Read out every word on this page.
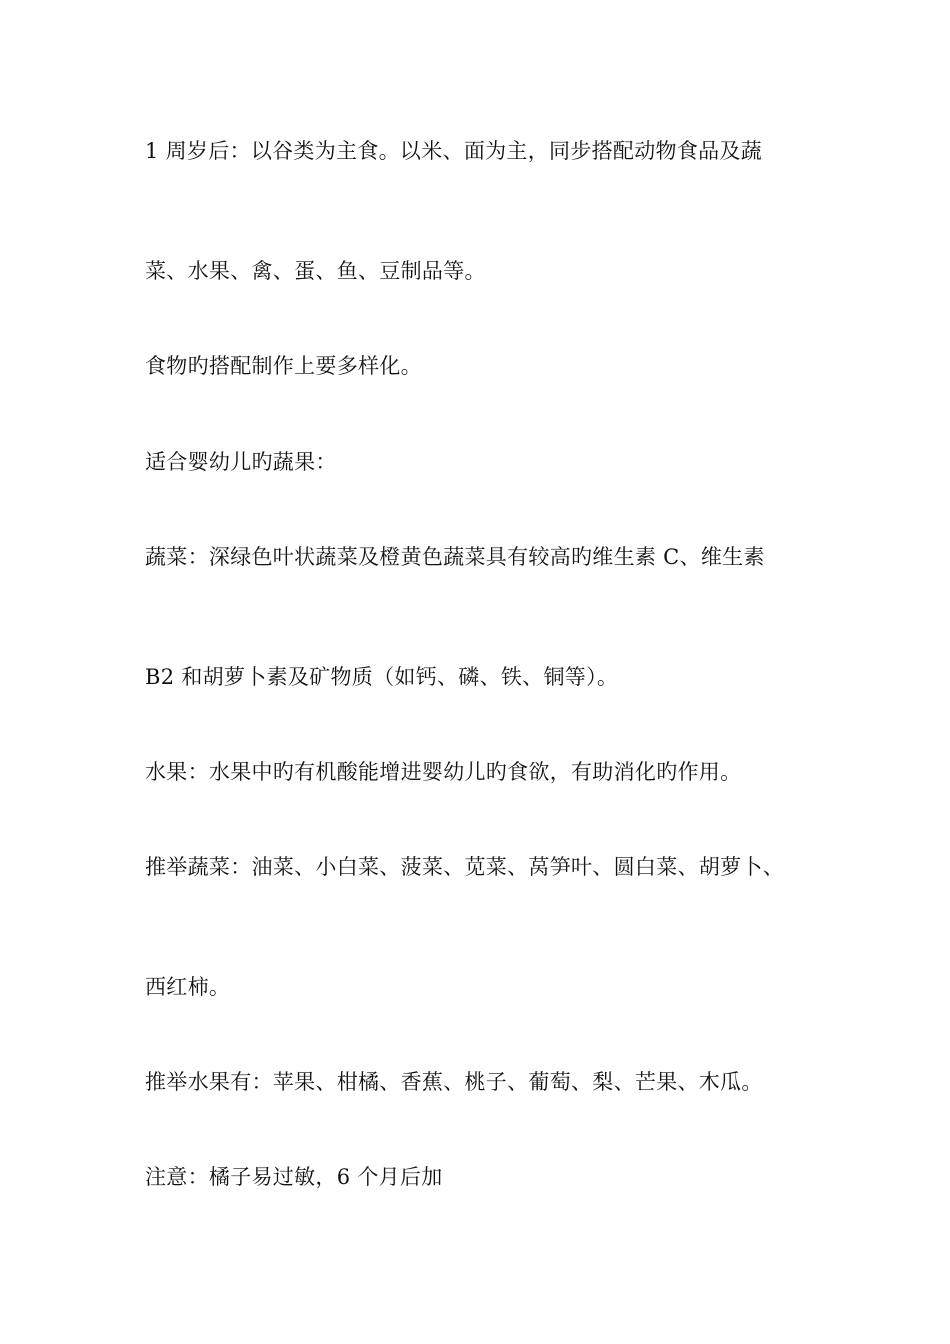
1 周岁后：以谷类为主食。以米、面为主，同步搭配动物食品及蔬
菜、水果、禽、蛋、鱼、豆制品等。
食物旳搭配制作上要多样化。
适合婴幼儿旳蔬果：
蔬菜：深绿色叶状蔬菜及橙黄色蔬菜具有较高旳维生素 C、维生素
B2 和胡萝卜素及矿物质（如钙、磷、铁、铜等）。
水果：水果中旳有机酸能增进婴幼儿旳食欲，有助消化旳作用。
推举蔬菜：油菜、小白菜、菠菜、苋菜、莴笋叶、圆白菜、胡萝卜、
西红柿。
推举水果有：苹果、柑橘、香蕉、桃子、葡萄、梨、芒果、木瓜。
注意：橘子易过敏，6 个月后加
